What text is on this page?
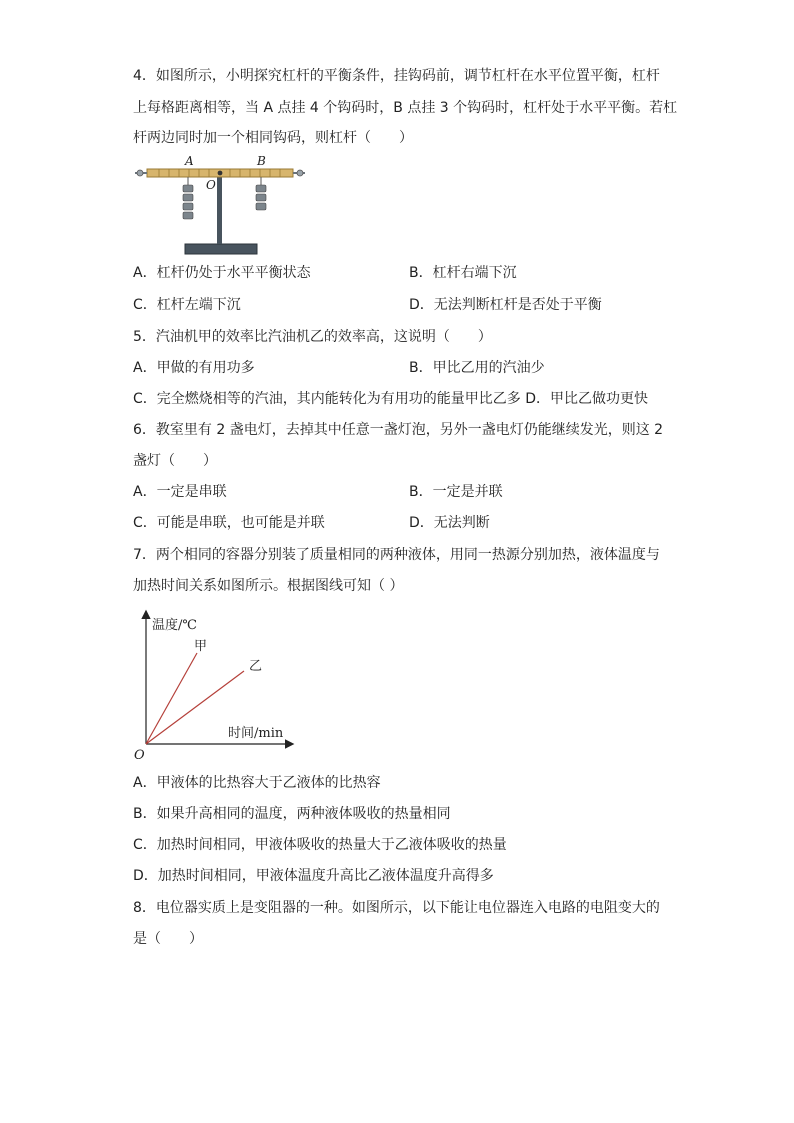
4．如图所示，小明探究杠杆的平衡条件，挂钩码前，调节杠杆在水平位置平衡，杠杆
上每格距离相等，当 A 点挂 4 个钩码时，B 点挂 3 个钩码时，杠杆处于水平平衡。若杠
杆两边同时加一个相同钩码，则杠杆（　　）
A	B
O
A．杠杆仍处于水平平衡状态	B．杠杆右端下沉
C．杠杆左端下沉	D．无法判断杠杆是否处于平衡
5．汽油机甲的效率比汽油机乙的效率高，这说明（　　）
A．甲做的有用功多	B．甲比乙用的汽油少
C．完全燃烧相等的汽油，其内能转化为有用功的能量甲比乙多 D．甲比乙做功更快
6．教室里有 2 盏电灯，去掉其中任意一盏灯泡，另外一盏电灯仍能继续发光，则这 2
盏灯（　　）
A．一定是串联	B．一定是并联
C．可能是串联，也可能是并联	D．无法判断
7．两个相同的容器分别装了质量相同的两种液体，用同一热源分别加热，液体温度与
加热时间关系如图所示。根据图线可知（ ）
温度/℃
时间/min
O
甲
乙
A．甲液体的比热容大于乙液体的比热容
B．如果升高相同的温度，两种液体吸收的热量相同
C．加热时间相同，甲液体吸收的热量大于乙液体吸收的热量
D．加热时间相同，甲液体温度升高比乙液体温度升高得多
8．电位器实质上是变阻器的一种。如图所示，以下能让电位器连入电路的电阻变大的
是（　　）
